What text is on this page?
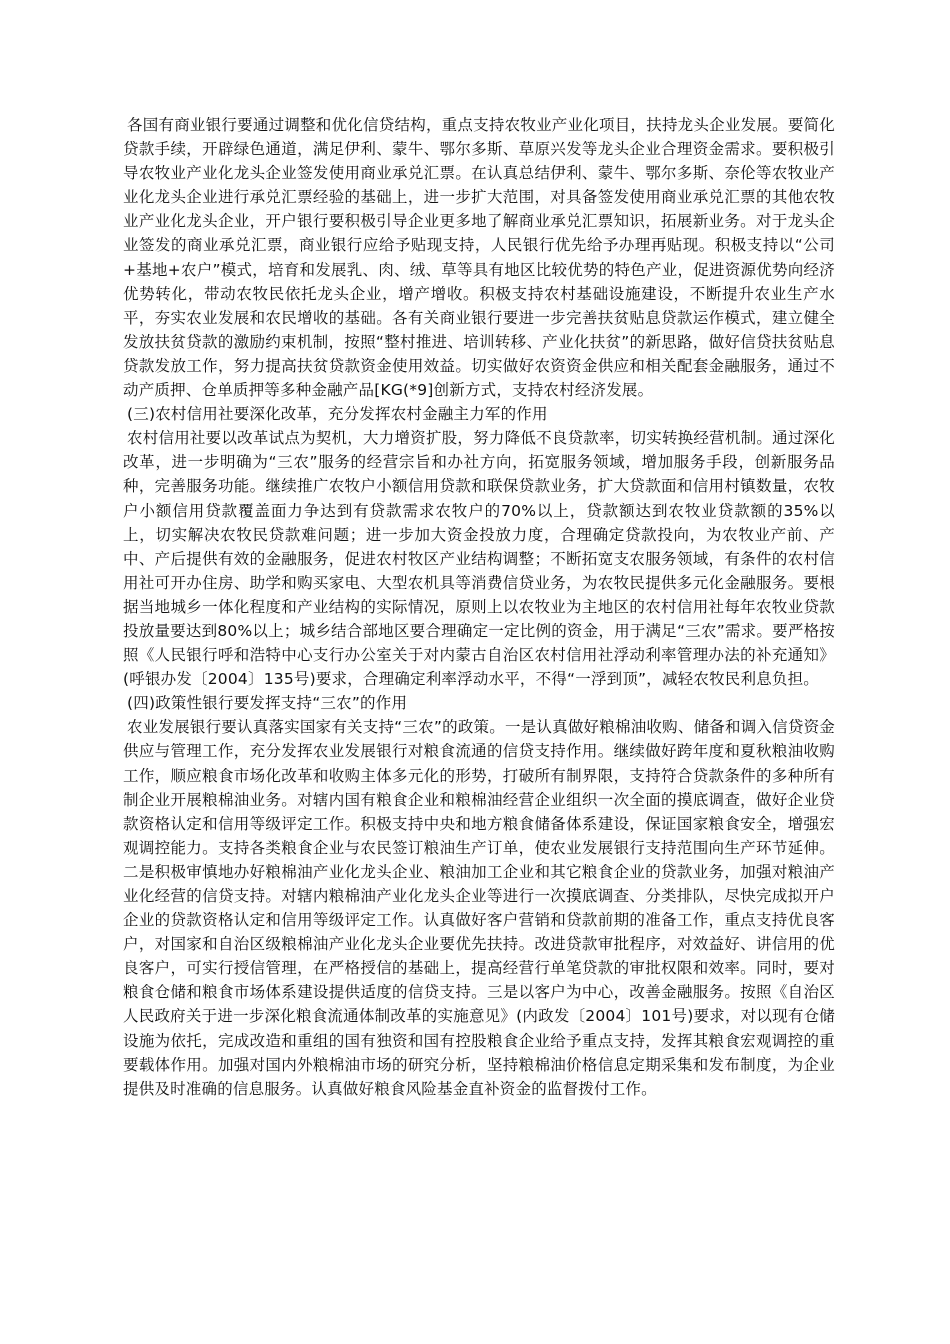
各国有商业银行要通过调整和优化信贷结构，重点支持农牧业产业化项目，扶持龙头企业发展。要简化贷款手续，开辟绿色通道，满足伊利、蒙牛、鄂尔多斯、草原兴发等龙头企业合理资金需求。要积极引导农牧业产业化龙头企业签发使用商业承兑汇票。在认真总结伊利、蒙牛、鄂尔多斯、奈伦等农牧业产业化龙头企业进行承兑汇票经验的基础上，进一步扩大范围，对具备签发使用商业承兑汇票的其他农牧业产业化龙头企业，开户银行要积极引导企业更多地了解商业承兑汇票知识，拓展新业务。对于龙头企业签发的商业承兑汇票，商业银行应给予贴现支持，人民银行优先给予办理再贴现。积极支持以“公司+基地+农户”模式，培育和发展乳、肉、绒、草等具有地区比较优势的特色产业，促进资源优势向经济优势转化，带动农牧民依托龙头企业，增产增收。积极支持农村基础设施建设，不断提升农业生产水平，夯实农业发展和农民增收的基础。各有关商业银行要进一步完善扶贫贴息贷款运作模式，建立健全发放扶贫贷款的激励约束机制，按照“整村推进、培训转移、产业化扶贫”的新思路，做好信贷扶贫贴息贷款发放工作，努力提高扶贫贷款资金使用效益。切实做好农资资金供应和相关配套金融服务，通过不动产质押、仓单质押等多种金融产品[KG(*9]创新方式，支持农村经济发展。

(三)农村信用社要深化改革，充分发挥农村金融主力军的作用

农村信用社要以改革试点为契机，大力增资扩股，努力降低不良贷款率，切实转换经营机制。通过深化改革，进一步明确为“三农”服务的经营宗旨和办社方向，拓宽服务领域，增加服务手段，创新服务品种，完善服务功能。继续推广农牧户小额信用贷款和联保贷款业务，扩大贷款面和信用村镇数量，农牧户小额信用贷款覆盖面力争达到有贷款需求农牧户的70%以上，贷款额达到农牧业贷款额的35%以上，切实解决农牧民贷款难问题；进一步加大资金投放力度，合理确定贷款投向，为农牧业产前、产中、产后提供有效的金融服务，促进农村牧区产业结构调整；不断拓宽支农服务领域，有条件的农村信用社可开办住房、助学和购买家电、大型农机具等消费信贷业务，为农牧民提供多元化金融服务。要根据当地城乡一体化程度和产业结构的实际情况，原则上以农牧业为主地区的农村信用社每年农牧业贷款投放量要达到80%以上；城乡结合部地区要合理确定一定比例的资金，用于满足“三农”需求。要严格按照《人民银行呼和浩特中心支行办公室关于对内蒙古自治区农村信用社浮动利率管理办法的补充通知》(呼银办发〔2004〕135号)要求，合理确定利率浮动水平，不得“一浮到顶”，减轻农牧民利息负担。

(四)政策性银行要发挥支持“三农”的作用

农业发展银行要认真落实国家有关支持“三农”的政策。一是认真做好粮棉油收购、储备和调入信贷资金供应与管理工作，充分发挥农业发展银行对粮食流通的信贷支持作用。继续做好跨年度和夏秋粮油收购工作，顺应粮食市场化改革和收购主体多元化的形势，打破所有制界限，支持符合贷款条件的多种所有制企业开展粮棉油业务。对辖内国有粮食企业和粮棉油经营企业组织一次全面的摸底调查，做好企业贷款资格认定和信用等级评定工作。积极支持中央和地方粮食储备体系建设，保证国家粮食安全，增强宏观调控能力。支持各类粮食企业与农民签订粮油生产订单，使农业发展银行支持范围向生产环节延伸。二是积极审慎地办好粮棉油产业化龙头企业、粮油加工企业和其它粮食企业的贷款业务，加强对粮油产业化经营的信贷支持。对辖内粮棉油产业化龙头企业等进行一次摸底调查、分类排队，尽快完成拟开户企业的贷款资格认定和信用等级评定工作。认真做好客户营销和贷款前期的准备工作，重点支持优良客户，对国家和自治区级粮棉油产业化龙头企业要优先扶持。改进贷款审批程序，对效益好、讲信用的优良客户，可实行授信管理，在严格授信的基础上，提高经营行单笔贷款的审批权限和效率。同时，要对粮食仓储和粮食市场体系建设提供适度的信贷支持。三是以客户为中心，改善金融服务。按照《自治区人民政府关于进一步深化粮食流通体制改革的实施意见》(内政发〔2004〕101号)要求，对以现有仓储设施为依托，完成改造和重组的国有独资和国有控股粮食企业给予重点支持，发挥其粮食宏观调控的重要载体作用。加强对国内外粮棉油市场的研究分析，坚持粮棉油价格信息定期采集和发布制度，为企业提供及时准确的信息服务。认真做好粮食风险基金直补资金的监督拨付工作。
